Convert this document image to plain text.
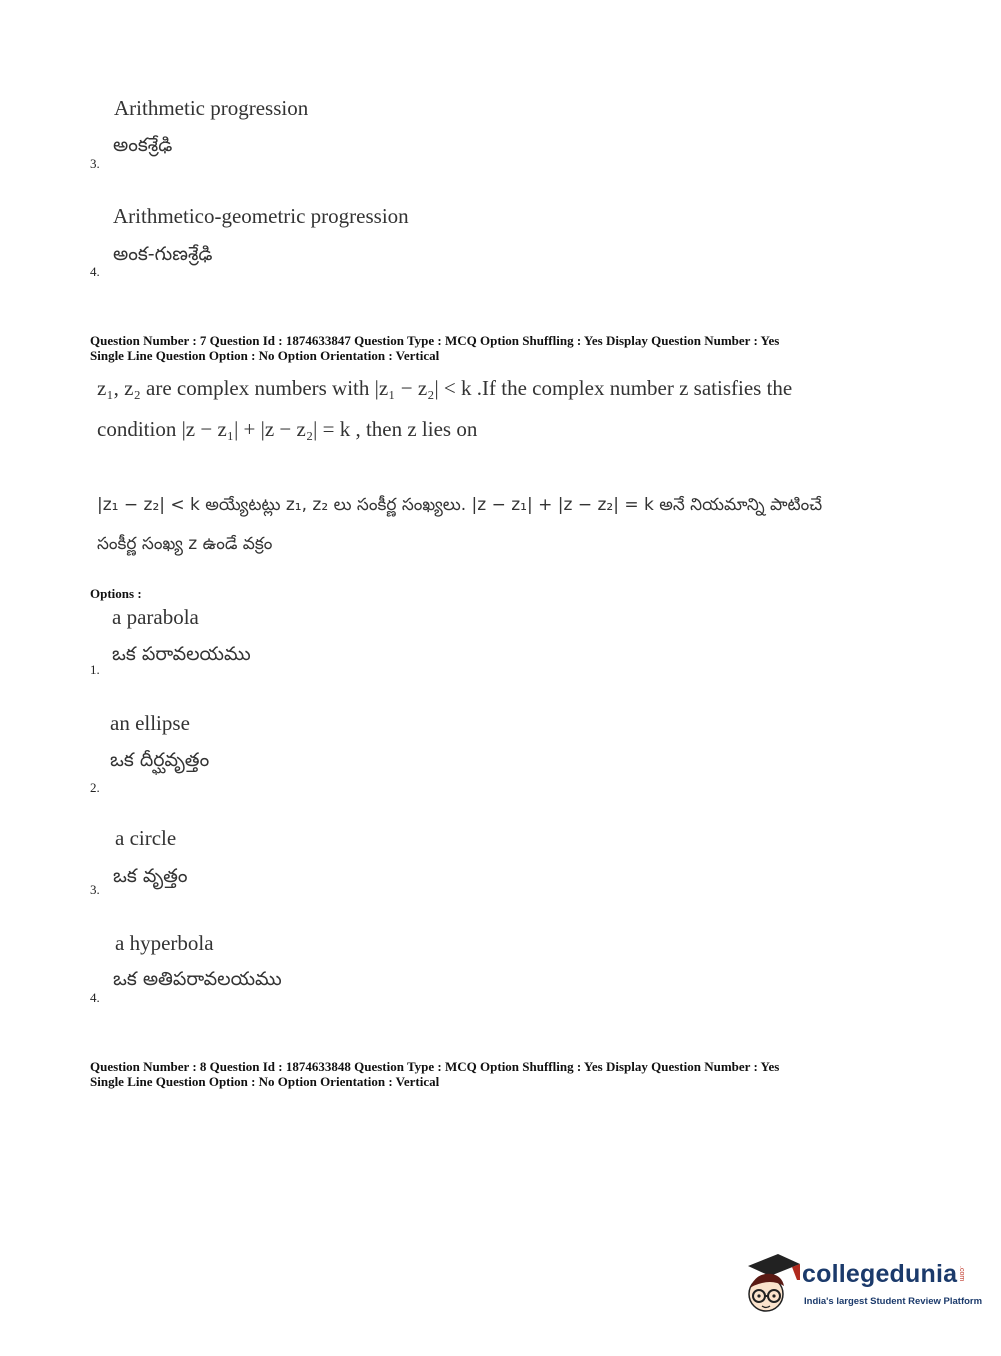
Arithmetic progression
అంకశ్రేఢి
3.
Arithmetico-geometric progression
అంక-గుణశ్రేఢి
4.
Question Number : 7 Question Id : 1874633847 Question Type : MCQ Option Shuffling : Yes Display Question Number : Yes
Single Line Question Option : No Option Orientation : Vertical
z₁, z₂ are complex numbers with |z₁ − z₂| < k .If the complex number z satisfies the
condition |z − z₁| + |z − z₂| = k , then z lies on
|z₁ − z₂| < k అయ్యేటట్లు z₁, z₂ లు సంకీర్ణ సంఖ్యలు. |z − z₁| + |z − z₂| = k అనే నియమాన్ని పాటించే
సంకీర్ణ సంఖ్య z ఉండే వక్రం
Options :
a parabola
ఒక పరావలయము
1.
an ellipse
ఒక దీర్ఘవృత్తం
2.
a circle
ఒక వృత్తం
3.
a hyperbola
ఒక అతిపరావలయము
4.
Question Number : 8 Question Id : 1874633848 Question Type : MCQ Option Shuffling : Yes Display Question Number : Yes
Single Line Question Option : No Option Orientation : Vertical
collegedunia .com
India's largest Student Review Platform
